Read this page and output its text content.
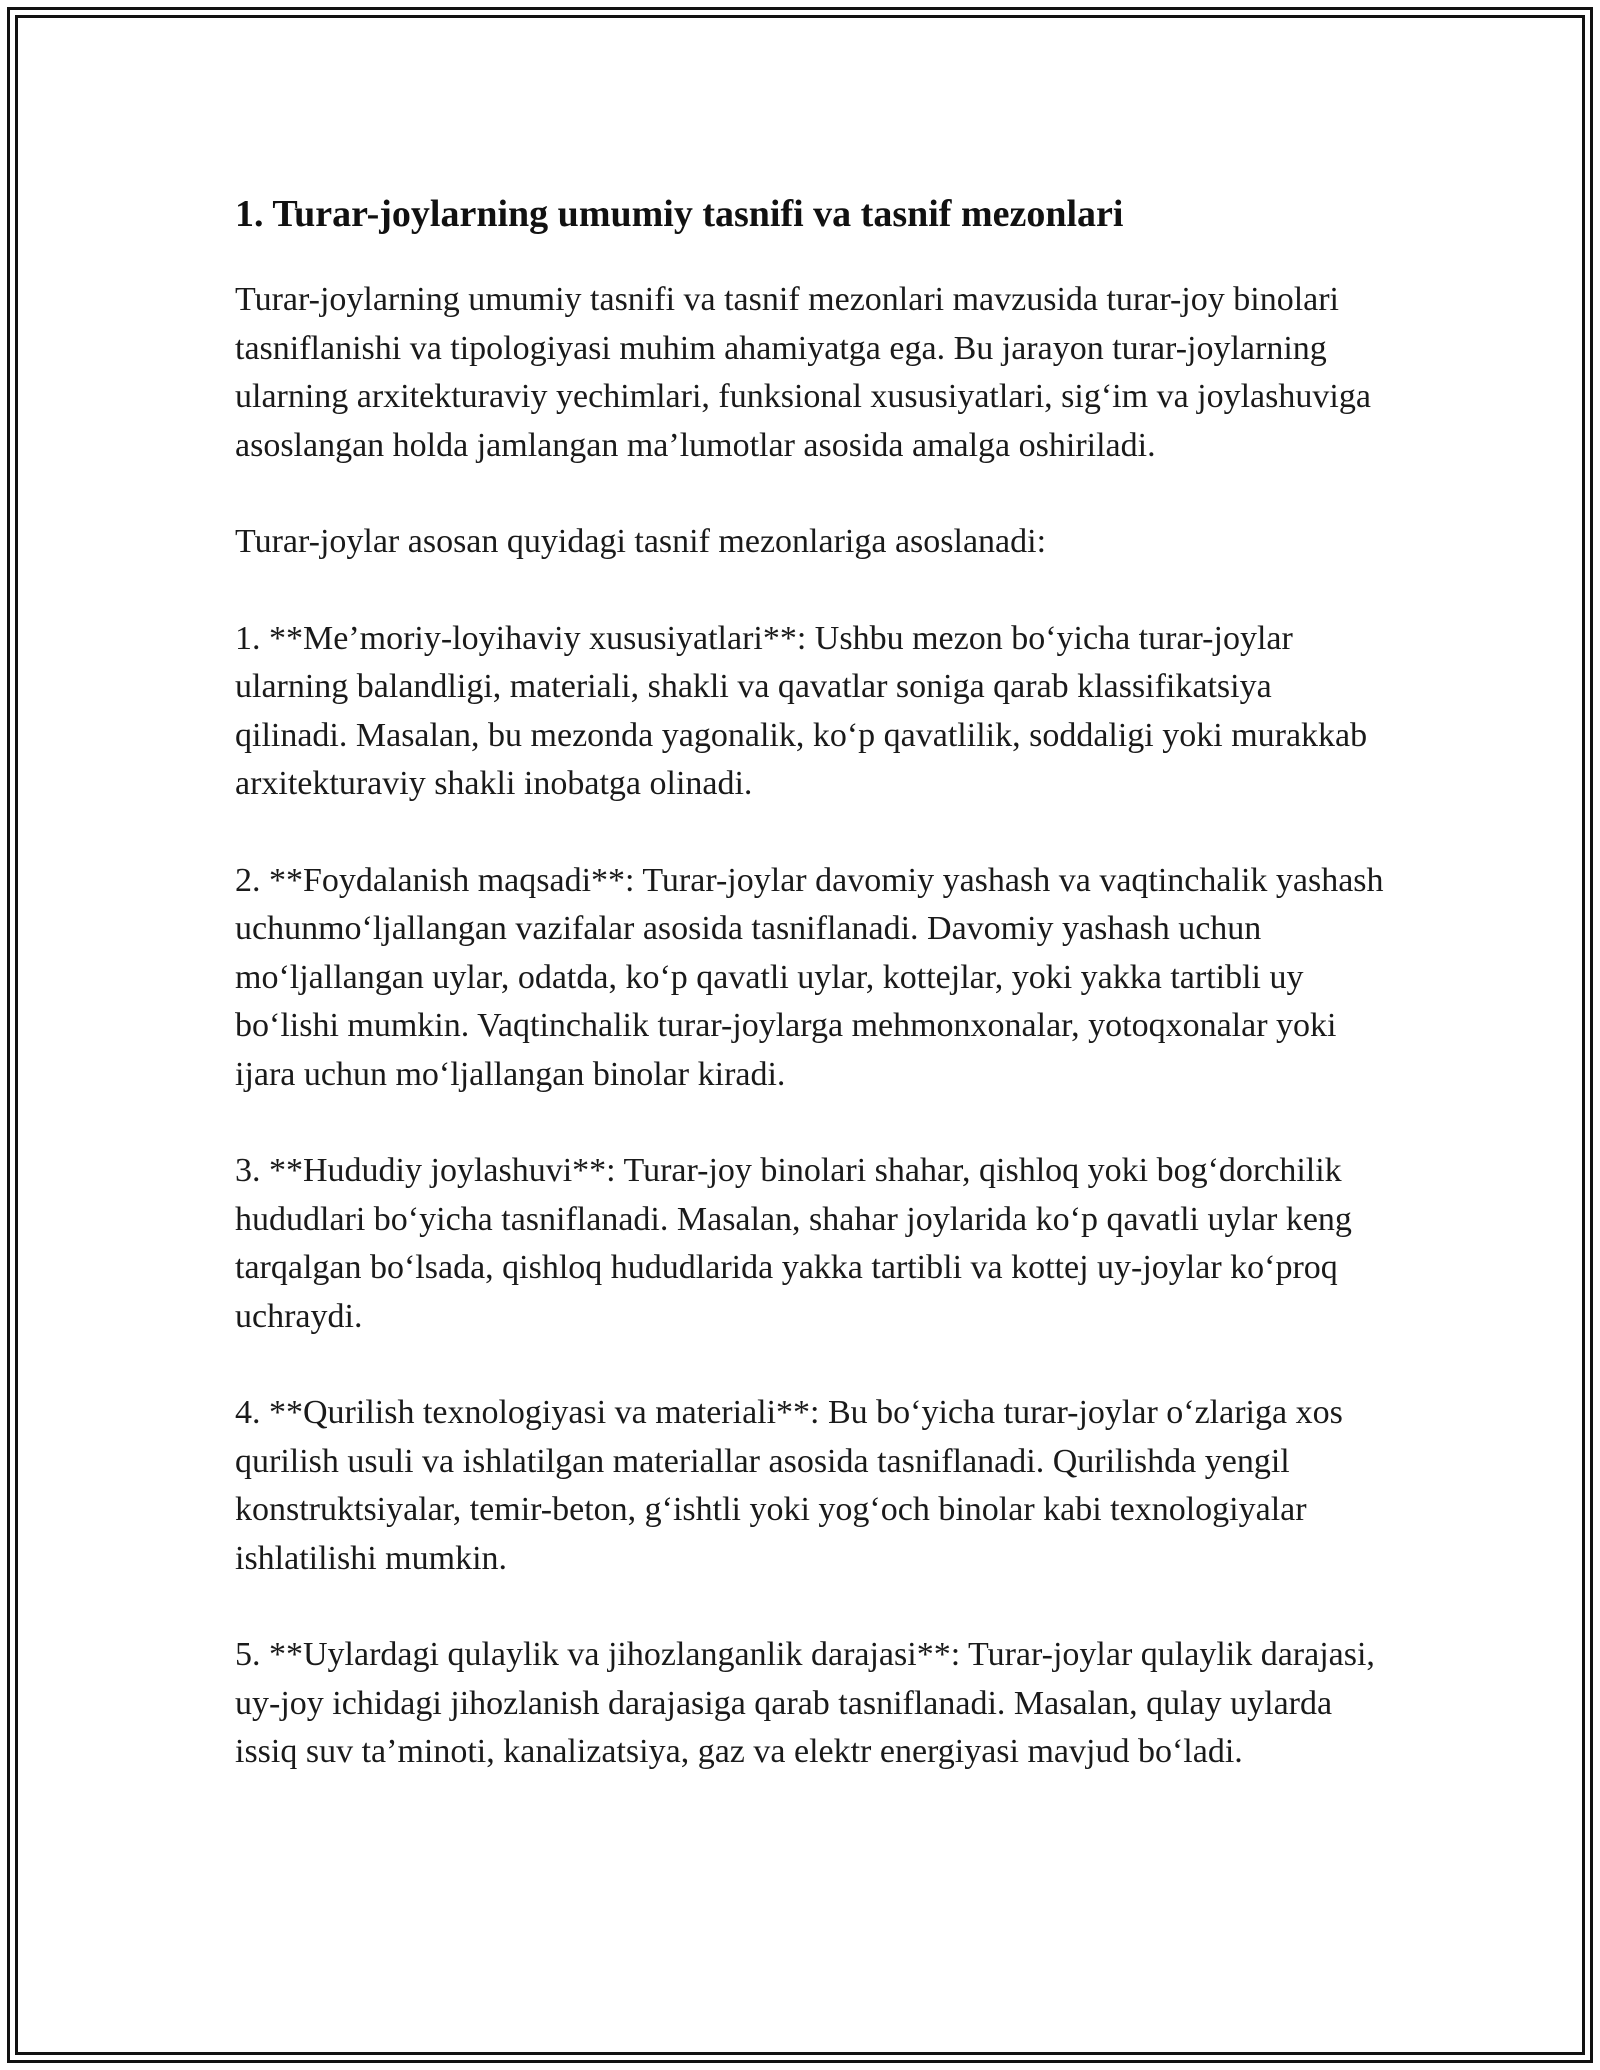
1. Turar-joylarning umumiy tasnifi va tasnif mezonlari

Turar-joylarning umumiy tasnifi va tasnif mezonlari mavzusida turar-joy binolari tasniflanishi va tipologiyasi muhim ahamiyatga ega. Bu jarayon turar-joylarning ularning arxitekturaviy yechimlari, funksional xususiyatlari, sig‘im va joylashuviga asoslangan holda jamlangan ma’lumotlar asosida amalga oshiriladi.

Turar-joylar asosan quyidagi tasnif mezonlariga asoslanadi:

1. **Me’moriy-loyihaviy xususiyatlari**: Ushbu mezon bo‘yicha turar-joylar ularning balandligi, materiali, shakli va qavatlar soniga qarab klassifikatsiya qilinadi. Masalan, bu mezonda yagonalik, ko‘p qavatlilik, soddaligi yoki murakkab arxitekturaviy shakli inobatga olinadi.

2. **Foydalanish maqsadi**: Turar-joylar davomiy yashash va vaqtinchalik yashash uchunmo‘ljallangan vazifalar asosida tasniflanadi. Davomiy yashash uchun mo‘ljallangan uylar, odatda, ko‘p qavatli uylar, kottejlar, yoki yakka tartibli uy bo‘lishi mumkin. Vaqtinchalik turar-joylarga mehmonxonalar, yotoqxonalar yoki ijara uchun mo‘ljallangan binolar kiradi.

3. **Hududiy joylashuvi**: Turar-joy binolari shahar, qishloq yoki bog‘dorchilik hududlari bo‘yicha tasniflanadi. Masalan, shahar joylarida ko‘p qavatli uylar keng tarqalgan bo‘lsada, qishloq hududlarida yakka tartibli va kottej uy-joylar ko‘proq uchraydi.

4. **Qurilish texnologiyasi va materiali**: Bu bo‘yicha turar-joylar o‘zlariga xos qurilish usuli va ishlatilgan materiallar asosida tasniflanadi. Qurilishda yengil konstruktsiyalar, temir-beton, g‘ishtli yoki yog‘och binolar kabi texnologiyalar ishlatilishi mumkin.

5. **Uylardagi qulaylik va jihozlanganlik darajasi**: Turar-joylar qulaylik darajasi, uy-joy ichidagi jihozlanish darajasiga qarab tasniflanadi. Masalan, qulay uylarda issiq suv ta’minoti, kanalizatsiya, gaz va elektr energiyasi mavjud bo‘ladi.
